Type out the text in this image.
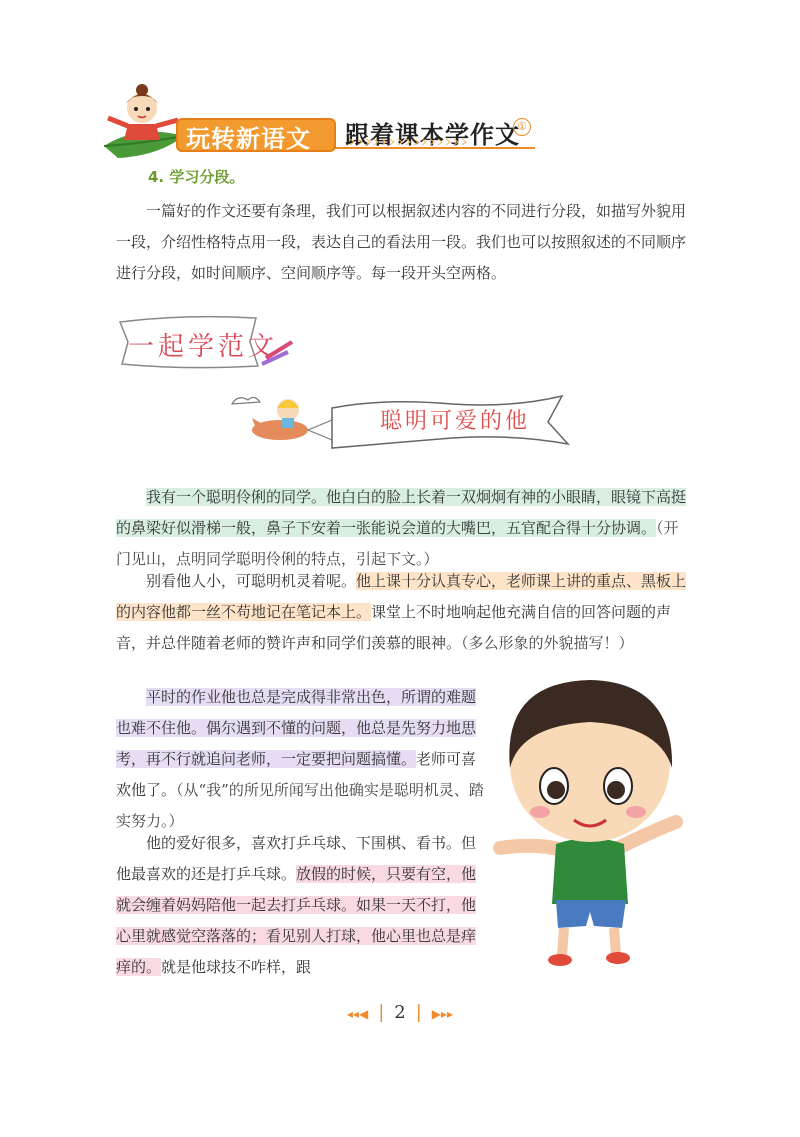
玩转新语文 跟着课本学作文
①
4. 学习分段。
一篇好的作文还要有条理，我们可以根据叙述内容的不同进行分段，如描写外貌用一段，介绍性格特点用一段，表达自己的看法用一段。我们也可以按照叙述的不同顺序进行分段，如时间顺序、空间顺序等。每一段开头空两格。
一起学范文
聪明可爱的他
我有一个聪明伶俐的同学。他白白的脸上长着一双炯炯有神的小眼睛，眼镜下高挺的鼻梁好似滑梯一般，鼻子下安着一张能说会道的大嘴巴，五官配合得十分协调。（开门见山，点明同学聪明伶俐的特点，引起下文。）
别看他人小，可聪明机灵着呢。他上课十分认真专心，老师课上讲的重点、黑板上的内容他都一丝不苟地记在笔记本上。课堂上不时地响起他充满自信的回答问题的声音，并总伴随着老师的赞许声和同学们羡慕的眼神。（多么形象的外貌描写！）
平时的作业他也总是完成得非常出色，所谓的难题也难不住他。偶尔遇到不懂的问题，他总是先努力地思考，再不行就追问老师，一定要把问题搞懂。老师可喜欢他了。（从“我”的所见所闻写出他确实是聪明机灵、踏实努力。）
他的爱好很多，喜欢打乒乓球、下围棋、看书。但他最喜欢的还是打乒乓球。放假的时候，只要有空，他就会缠着妈妈陪他一起去打乒乓球。如果一天不打，他心里就感觉空落落的；看见别人打球，他心里也总是痒痒的。就是他球技不咋样，跟
◂◂◀ | 2 | ▶▸▸
